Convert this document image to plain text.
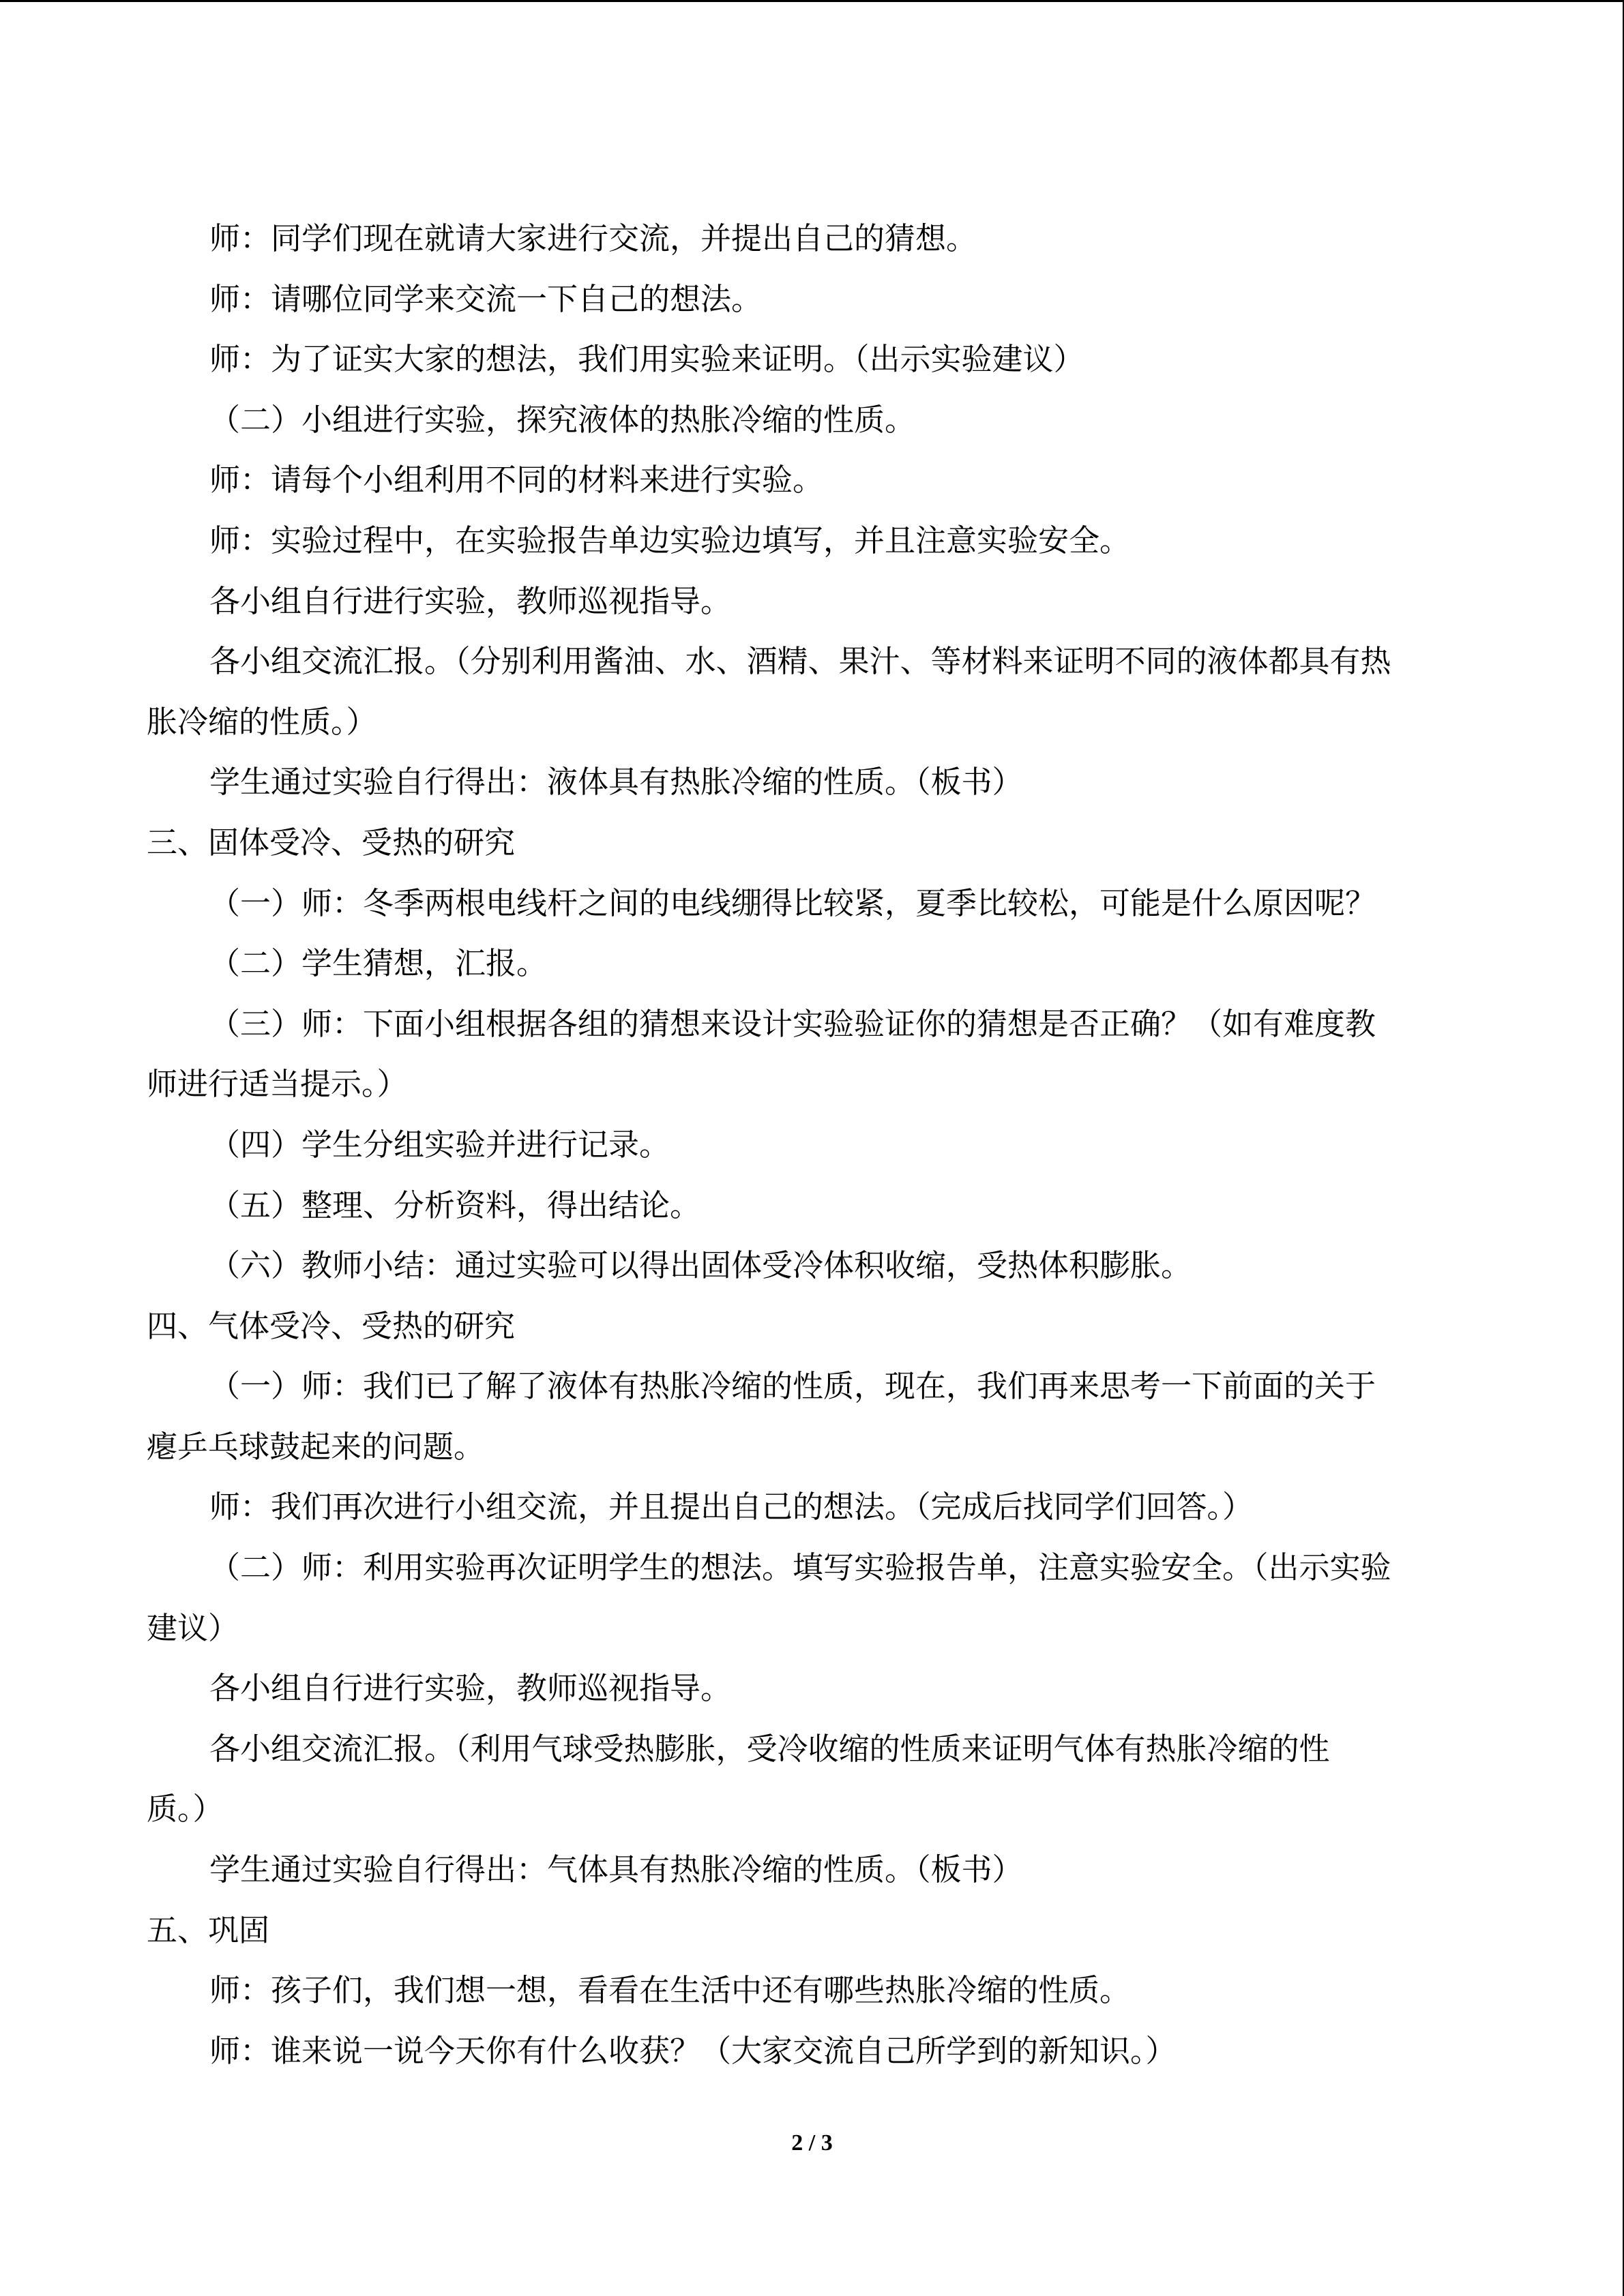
师：同学们现在就请大家进行交流，并提出自己的猜想。
师：请哪位同学来交流一下自己的想法。
师：为了证实大家的想法，我们用实验来证明。（出示实验建议）
（二）小组进行实验，探究液体的热胀冷缩的性质。
师：请每个小组利用不同的材料来进行实验。
师：实验过程中，在实验报告单边实验边填写，并且注意实验安全。
各小组自行进行实验，教师巡视指导。
各小组交流汇报。（分别利用酱油、水、酒精、果汁、等材料来证明不同的液体都具有热
胀冷缩的性质。）
学生通过实验自行得出：液体具有热胀冷缩的性质。（板书）
三、固体受冷、受热的研究
（一）师：冬季两根电线杆之间的电线绷得比较紧，夏季比较松，可能是什么原因呢？
（二）学生猜想，汇报。
（三）师：下面小组根据各组的猜想来设计实验验证你的猜想是否正确？（如有难度教
师进行适当提示。）
（四）学生分组实验并进行记录。
（五）整理、分析资料，得出结论。
（六）教师小结：通过实验可以得出固体受冷体积收缩，受热体积膨胀。
四、气体受冷、受热的研究
（一）师：我们已了解了液体有热胀冷缩的性质，现在，我们再来思考一下前面的关于
瘪乒乓球鼓起来的问题。
师：我们再次进行小组交流，并且提出自己的想法。（完成后找同学们回答。）
（二）师：利用实验再次证明学生的想法。填写实验报告单，注意实验安全。（出示实验
建议）
各小组自行进行实验，教师巡视指导。
各小组交流汇报。（利用气球受热膨胀，受冷收缩的性质来证明气体有热胀冷缩的性
质。）
学生通过实验自行得出：气体具有热胀冷缩的性质。（板书）
五、巩固
师：孩子们，我们想一想，看看在生活中还有哪些热胀冷缩的性质。
师：谁来说一说今天你有什么收获？（大家交流自己所学到的新知识。）
2 / 3
